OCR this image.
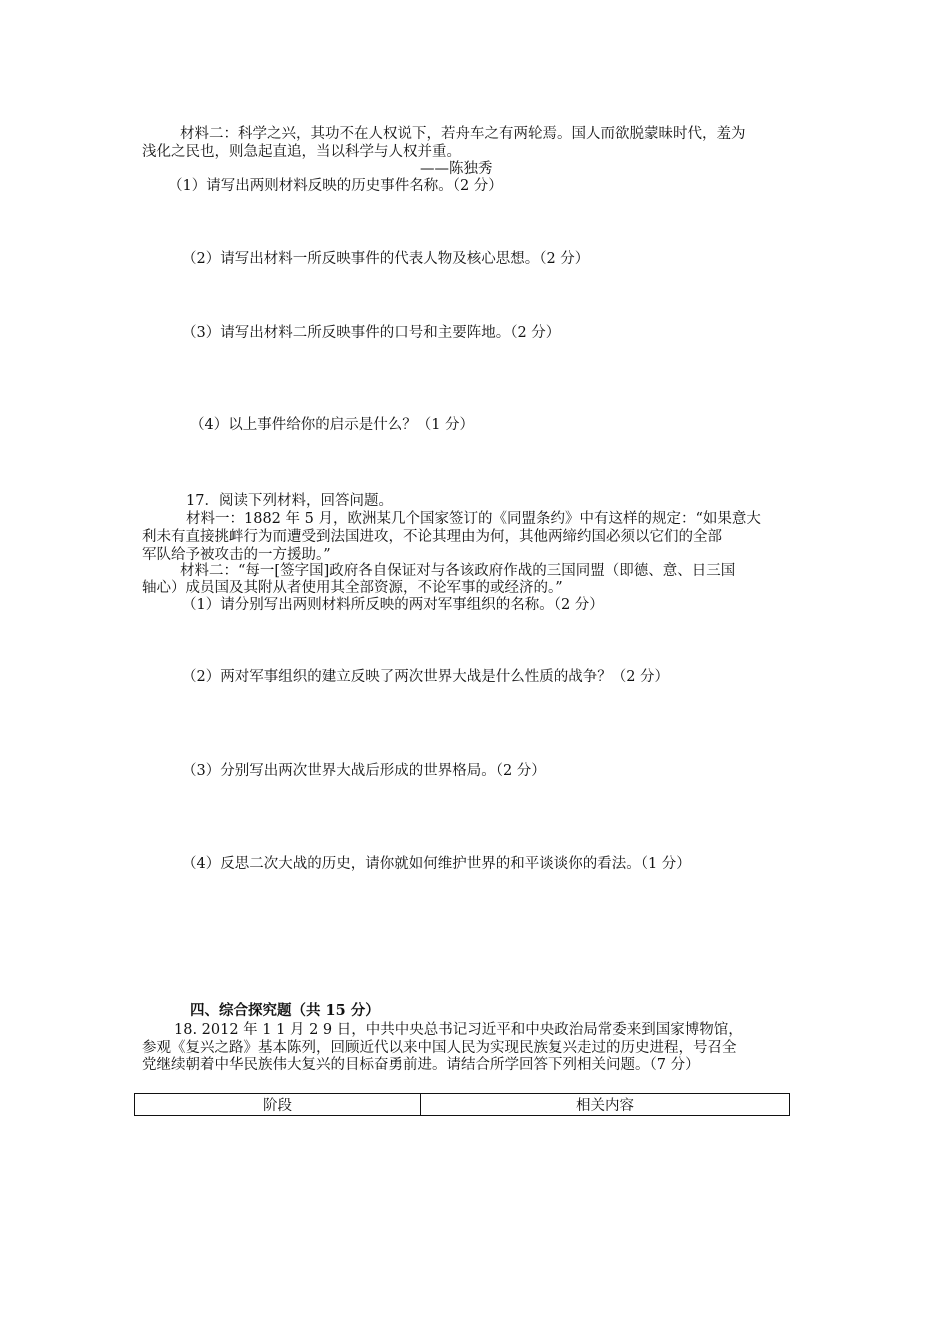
材料二：科学之兴，其功不在人权说下，若舟车之有两轮焉。国人而欲脱蒙昧时代，羞为
浅化之民也，则急起直追，当以科学与人权并重。
——陈独秀
（1）请写出两则材料反映的历史事件名称。（2 分）
（2）请写出材料一所反映事件的代表人物及核心思想。（2 分）
（3）请写出材料二所反映事件的口号和主要阵地。（2 分）
（4）以上事件给你的启示是什么？（1 分）
17．阅读下列材料，回答问题。
材料一：1882 年 5 月，欧洲某几个国家签订的《同盟条约》中有这样的规定：“如果意大
利未有直接挑衅行为而遭受到法国进攻，不论其理由为何，其他两缔约国必须以它们的全部
军队给予被攻击的一方援助。”
材料二：“每一[签字国]政府各自保证对与各该政府作战的三国同盟（即德、意、日三国
轴心）成员国及其附从者使用其全部资源，不论军事的或经济的。”
（1）请分别写出两则材料所反映的两对军事组织的名称。（2 分）
（2）两对军事组织的建立反映了两次世界大战是什么性质的战争？（2 分）
（3）分别写出两次世界大战后形成的世界格局。（2 分）
（4）反思二次大战的历史，请你就如何维护世界的和平谈谈你的看法。（1 分）
四、综合探究题（共 15 分）
18. 2012 年 1 1 月 2 9 日，中共中央总书记习近平和中央政治局常委来到国家博物馆，
参观《复兴之路》基本陈列，回顾近代以来中国人民为实现民族复兴走过的历史进程，号召全
党继续朝着中华民族伟大复兴的目标奋勇前进。请结合所学回答下列相关问题。（7 分）
阶段	相关内容
